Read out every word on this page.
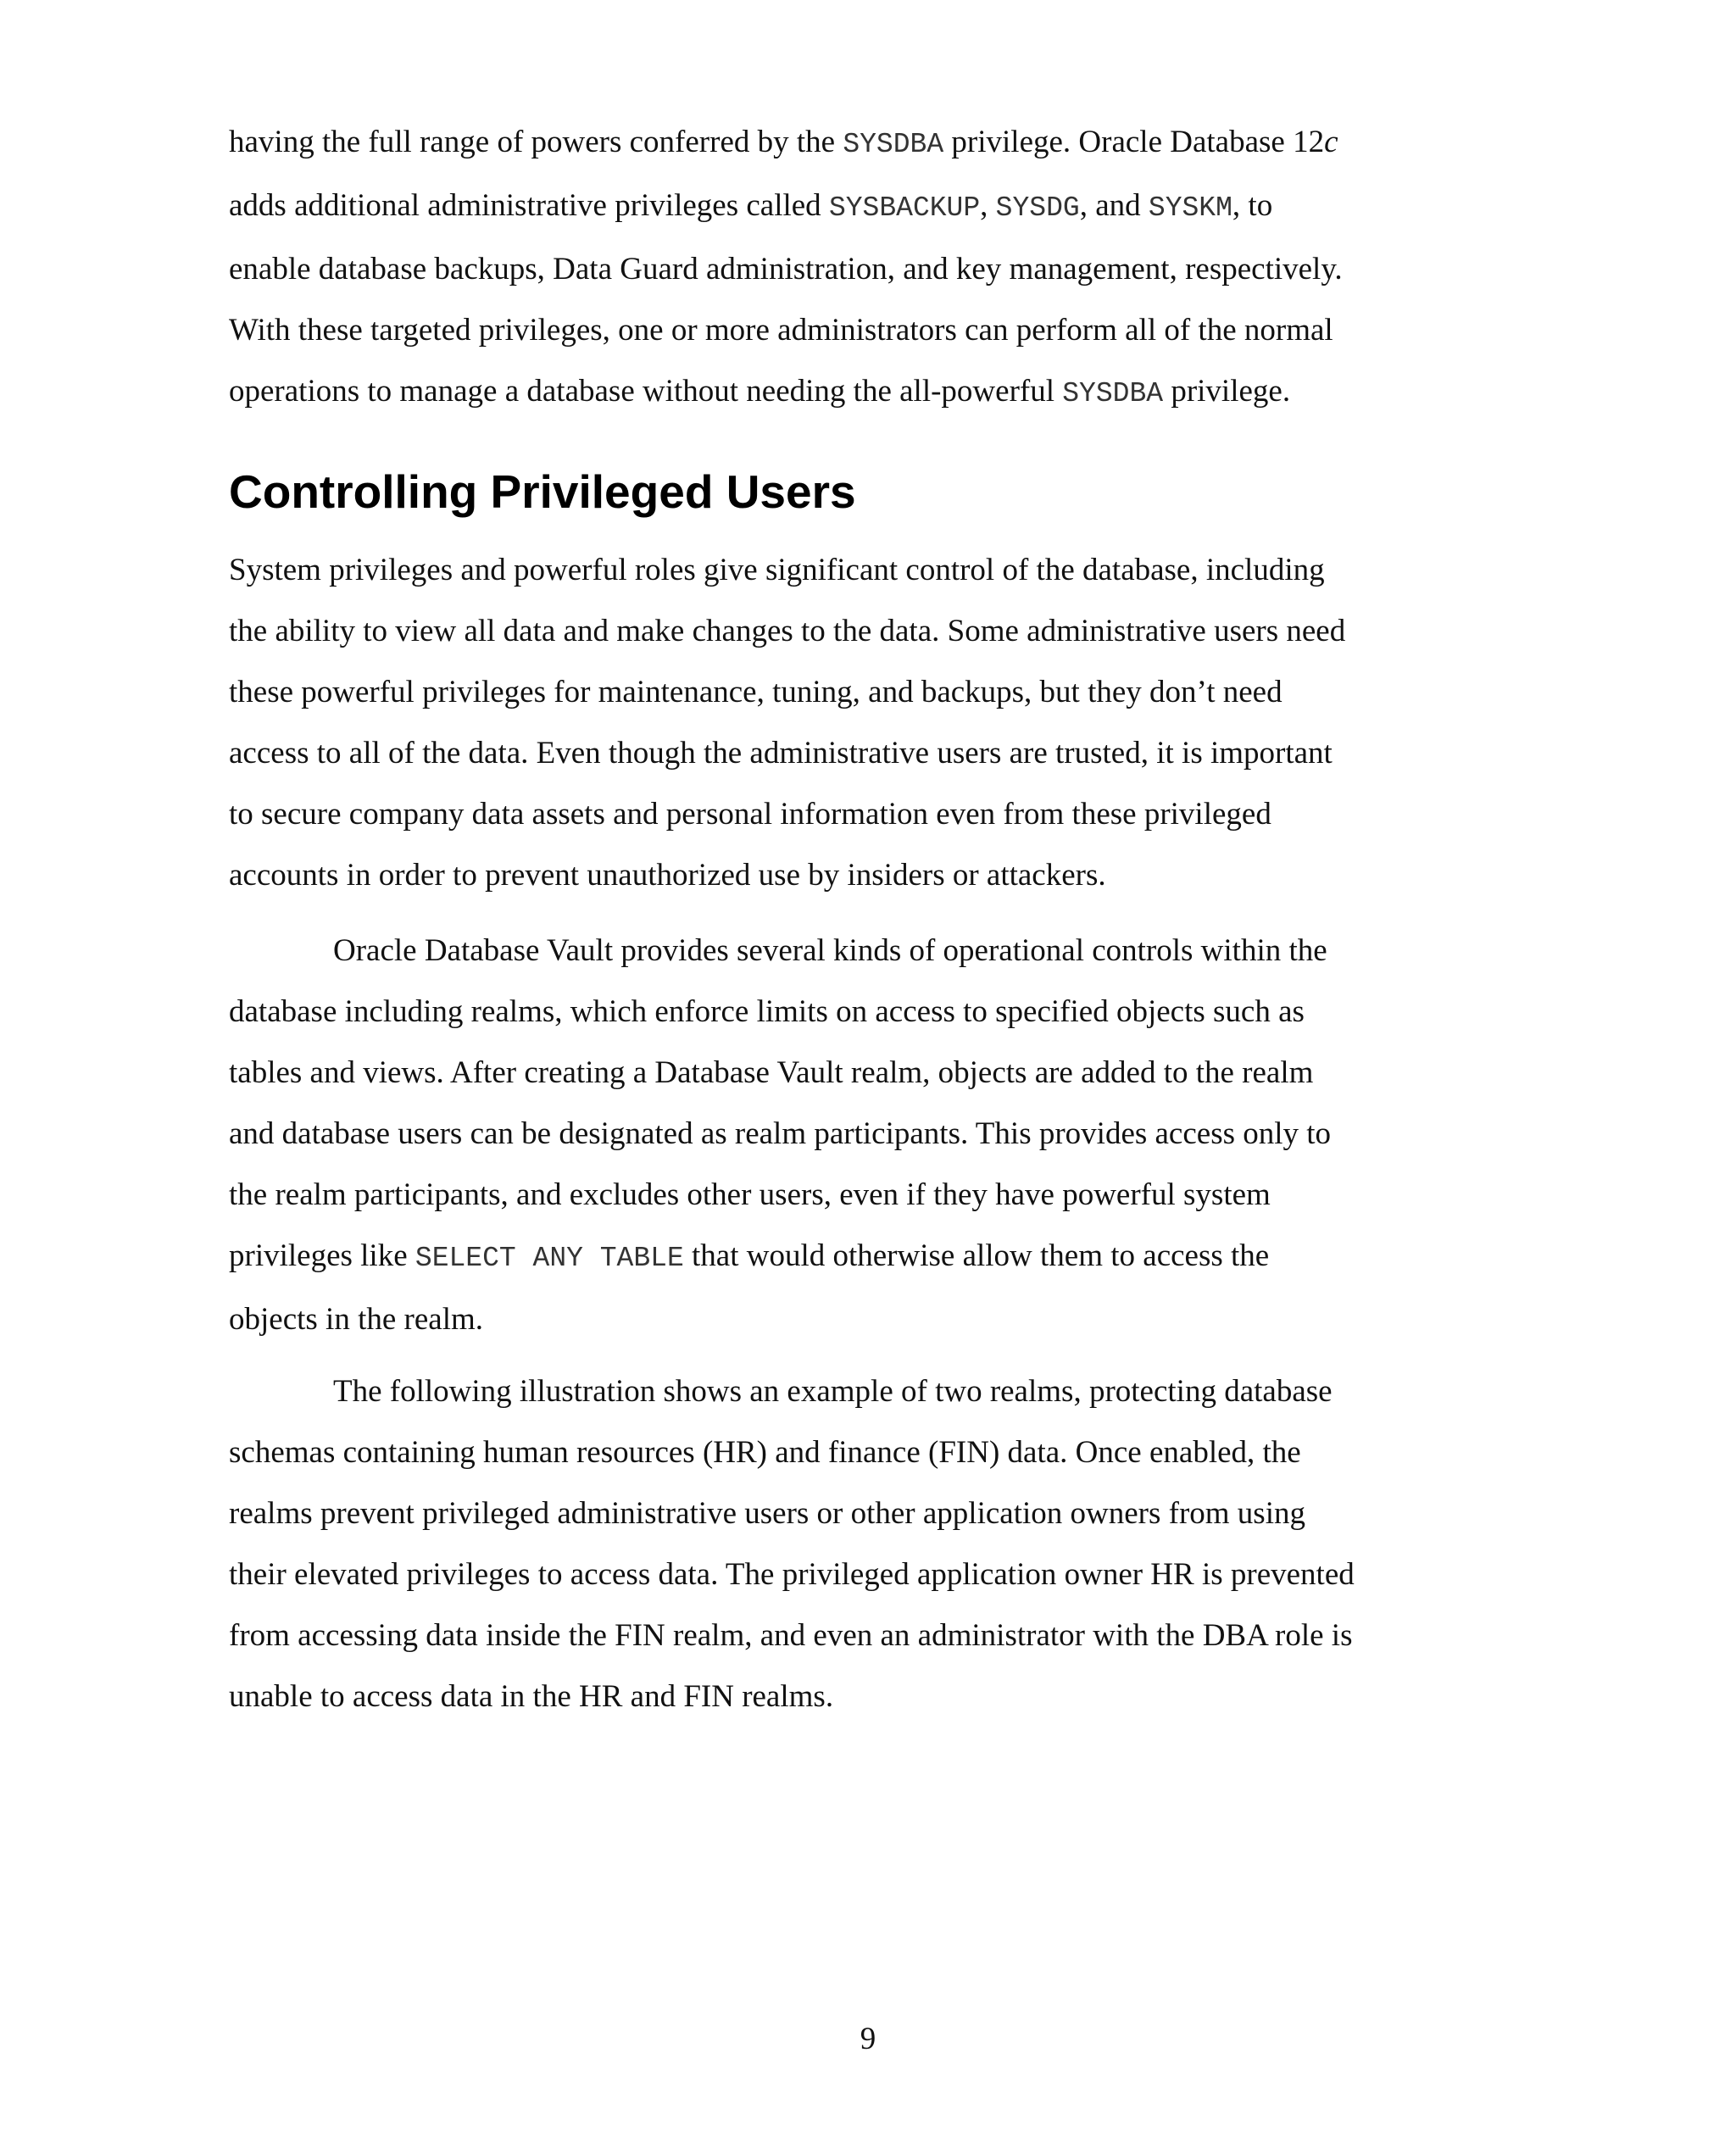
having the full range of powers conferred by the SYSDBA privilege. Oracle Database 12c
adds additional administrative privileges called SYSBACKUP, SYSDG, and SYSKM, to
enable database backups, Data Guard administration, and key management, respectively.
With these targeted privileges, one or more administrators can perform all of the normal
operations to manage a database without needing the all-powerful SYSDBA privilege.

Controlling Privileged Users

System privileges and powerful roles give significant control of the database, including
the ability to view all data and make changes to the data. Some administrative users need
these powerful privileges for maintenance, tuning, and backups, but they don’t need
access to all of the data. Even though the administrative users are trusted, it is important
to secure company data assets and personal information even from these privileged
accounts in order to prevent unauthorized use by insiders or attackers.

Oracle Database Vault provides several kinds of operational controls within the
database including realms, which enforce limits on access to specified objects such as
tables and views. After creating a Database Vault realm, objects are added to the realm
and database users can be designated as realm participants. This provides access only to
the realm participants, and excludes other users, even if they have powerful system
privileges like SELECT ANY TABLE that would otherwise allow them to access the
objects in the realm.

The following illustration shows an example of two realms, protecting database
schemas containing human resources (HR) and finance (FIN) data. Once enabled, the
realms prevent privileged administrative users or other application owners from using
their elevated privileges to access data. The privileged application owner HR is prevented
from accessing data inside the FIN realm, and even an administrator with the DBA role is
unable to access data in the HR and FIN realms.

9
